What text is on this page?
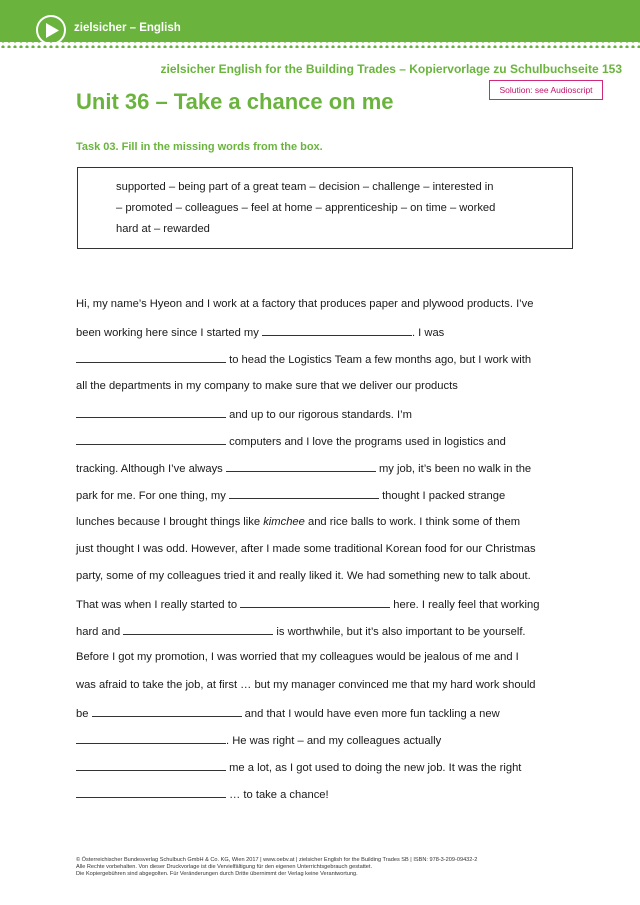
zielsicher – English
zielsicher English for the Building Trades – Kopiervorlage zu Schulbuchseite 153
Unit 36 – Take a chance on me	Solution: see Audioscript
Task 03. Fill in the missing words from the box.
supported – being part of a great team – decision – challenge – interested in
– promoted – colleagues – feel at home – apprenticeship – on time – worked
hard at – rewarded
Hi, my name’s Hyeon and I work at a factory that produces paper and plywood products. I’ve
been working here since I started my	. I was
to head the Logistics Team a few months ago, but I work with
all the departments in my company to make sure that we deliver our products
and up to our rigorous standards. I’m
computers and I love the programs used in logistics and
tracking. Although I’ve always	my job, it’s been no walk in the
park for me. For one thing, my	thought I packed strange
lunches because I brought things like kimchee and rice balls to work. I think some of them
just thought I was odd. However, after I made some traditional Korean food for our Christmas
party, some of my colleagues tried it and really liked it. We had something new to talk about.
That was when I really started to	here. I really feel that working
hard and	is worthwhile, but it’s also important to be yourself.
Before I got my promotion, I was worried that my colleagues would be jealous of me and I
was afraid to take the job, at first … but my manager convinced me that my hard work should
be	and that I would have even more fun tackling a new
. He was right – and my colleagues actually
me a lot, as I got used to doing the new job. It was the right
… to take a chance!
© Österreichischer Bundesverlag Schulbuch GmbH & Co. KG, Wien 2017 | www.oebv.at | zielsicher English for the Building Trades SB | ISBN: 978-3-209-09432-2
Alle Rechte vorbehalten. Von dieser Druckvorlage ist die Vervielfältigung für den eigenen Unterrichtsgebrauch gestattet.
Die Kopiergebühren sind abgegolten. Für Veränderungen durch Dritte übernimmt der Verlag keine Verantwortung.
